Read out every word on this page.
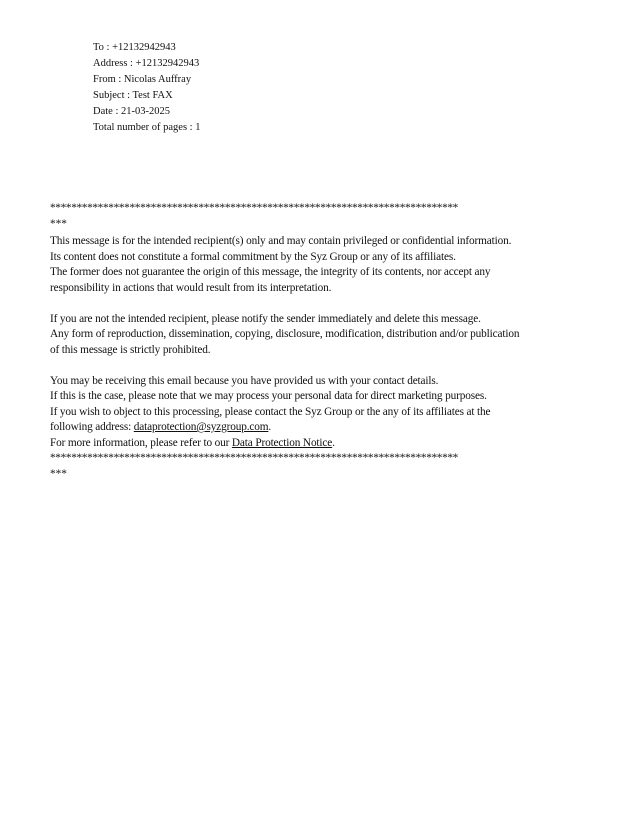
To : +12132942943
Address : +12132942943
From : Nicolas Auffray
Subject : Test FAX
Date : 21-03-2025
Total number of pages : 1
*****************************************************************************
***
This message is for the intended recipient(s) only and may contain privileged or confidential information.
Its content does not constitute a formal commitment by the Syz Group or any of its affiliates.
The former does not guarantee the origin of this message, the integrity of its contents, nor accept any
responsibility in actions that would result from its interpretation.
If you are not the intended recipient, please notify the sender immediately and delete this message.
Any form of reproduction, dissemination, copying, disclosure, modification, distribution and/or publication
of this message is strictly prohibited.
You may be receiving this email because you have provided us with your contact details.
If this is the case, please note that we may process your personal data for direct marketing purposes.
If you wish to object to this processing, please contact the Syz Group or the any of its affiliates at the
following address: dataprotection@syzgroup.com.
For more information, please refer to our Data Protection Notice.
*****************************************************************************
***
